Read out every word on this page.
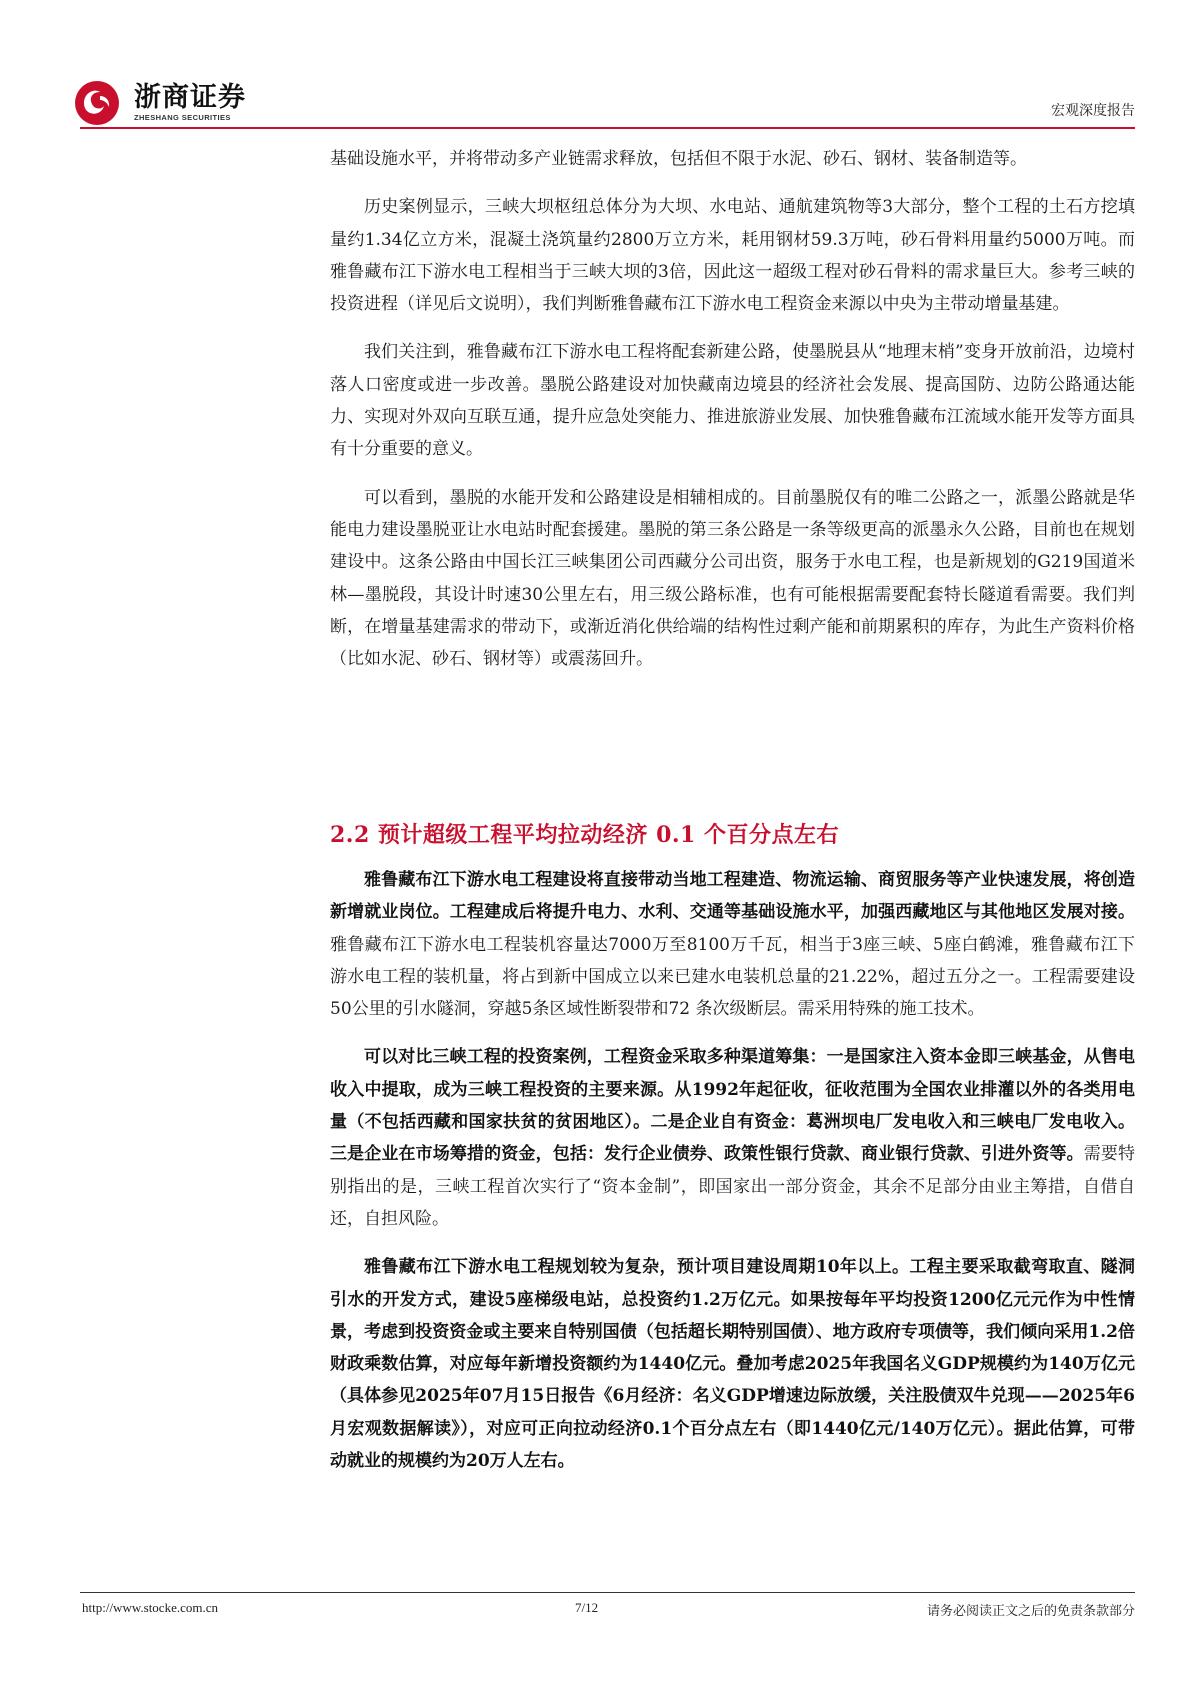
浙商证券
ZHESHANG SECURITIES	宏观深度报告

基础设施水平，并将带动多产业链需求释放，包括但不限于水泥、砂石、钢材、装备制造等。

历史案例显示，三峡大坝枢纽总体分为大坝、水电站、通航建筑物等3大部分，整个工程的土石方挖填量约1.34亿立方米，混凝土浇筑量约2800万立方米，耗用钢材59.3万吨，砂石骨料用量约5000万吨。而雅鲁藏布江下游水电工程相当于三峡大坝的3倍，因此这一超级工程对砂石骨料的需求量巨大。参考三峡的投资进程（详见后文说明），我们判断雅鲁藏布江下游水电工程资金来源以中央为主带动增量基建。

我们关注到，雅鲁藏布江下游水电工程将配套新建公路，使墨脱县从“地理末梢”变身开放前沿，边境村落人口密度或进一步改善。墨脱公路建设对加快藏南边境县的经济社会发展、提高国防、边防公路通达能力、实现对外双向互联互通，提升应急处突能力、推进旅游业发展、加快雅鲁藏布江流域水能开发等方面具有十分重要的意义。

可以看到，墨脱的水能开发和公路建设是相辅相成的。目前墨脱仅有的唯二公路之一，派墨公路就是华能电力建设墨脱亚让水电站时配套援建。墨脱的第三条公路是一条等级更高的派墨永久公路，目前也在规划建设中。这条公路由中国长江三峡集团公司西藏分公司出资，服务于水电工程，也是新规划的G219国道米林—墨脱段，其设计时速30公里左右，用三级公路标准，也有可能根据需要配套特长隧道看需要。我们判断，在增量基建需求的带动下，或渐近消化供给端的结构性过剩产能和前期累积的库存，为此生产资料价格（比如水泥、砂石、钢材等）或震荡回升。

2.2 预计超级工程平均拉动经济 0.1 个百分点左右

雅鲁藏布江下游水电工程建设将直接带动当地工程建造、物流运输、商贸服务等产业快速发展，将创造新增就业岗位。工程建成后将提升电力、水利、交通等基础设施水平，加强西藏地区与其他地区发展对接。雅鲁藏布江下游水电工程装机容量达7000万至8100万千瓦，相当于3座三峡、5座白鹤滩，雅鲁藏布江下游水电工程的装机量，将占到新中国成立以来已建水电装机总量的21.22%，超过五分之一。工程需要建设50公里的引水隧洞，穿越5条区域性断裂带和72 条次级断层。需采用特殊的施工技术。

可以对比三峡工程的投资案例，工程资金采取多种渠道筹集：一是国家注入资本金即三峡基金，从售电收入中提取，成为三峡工程投资的主要来源。从1992年起征收，征收范围为全国农业排灌以外的各类用电量（不包括西藏和国家扶贫的贫困地区）。二是企业自有资金：葛洲坝电厂发电收入和三峡电厂发电收入。三是企业在市场筹措的资金，包括：发行企业债券、政策性银行贷款、商业银行贷款、引进外资等。需要特别指出的是，三峡工程首次实行了“资本金制”，即国家出一部分资金，其余不足部分由业主筹措，自借自还，自担风险。

雅鲁藏布江下游水电工程规划较为复杂，预计项目建设周期10年以上。工程主要采取截弯取直、隧洞引水的开发方式，建设5座梯级电站，总投资约1.2万亿元。如果按每年平均投资1200亿元元作为中性情景，考虑到投资资金或主要来自特别国债（包括超长期特别国债）、地方政府专项债等，我们倾向采用1.2倍财政乘数估算，对应每年新增投资额约为1440亿元。叠加考虑2025年我国名义GDP规模约为140万亿元（具体参见2025年07月15日报告《6月经济：名义GDP增速边际放缓，关注股债双牛兑现——2025年6月宏观数据解读》），对应可正向拉动经济0.1个百分点左右（即1440亿元/140万亿元）。据此估算，可带动就业的规模约为20万人左右。

http://www.stocke.com.cn	7/12	请务必阅读正文之后的免责条款部分
